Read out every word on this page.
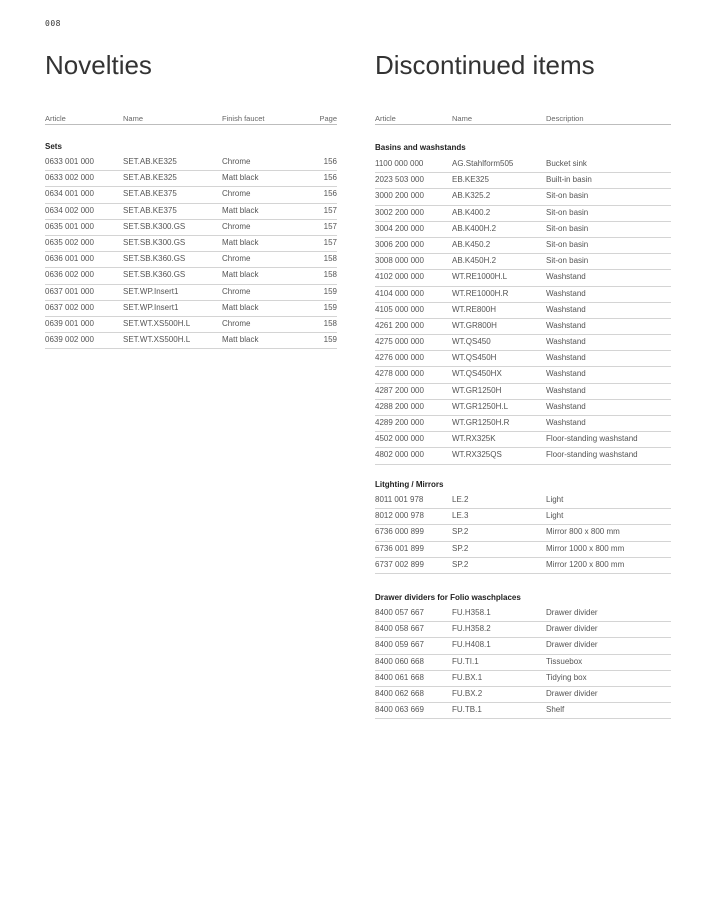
008
Novelties
Article	Name	Finish faucet	Page
Sets
0633 001 000	SET.AB.KE325	Chrome	156
0633 002 000	SET.AB.KE325	Matt black	156
0634 001 000	SET.AB.KE375	Chrome	156
0634 002 000	SET.AB.KE375	Matt black	157
0635 001 000	SET.SB.K300.GS	Chrome	157
0635 002 000	SET.SB.K300.GS	Matt black	157
0636 001 000	SET.SB.K360.GS	Chrome	158
0636 002 000	SET.SB.K360.GS	Matt black	158
0637 001 000	SET.WP.Insert1	Chrome	159
0637 002 000	SET.WP.Insert1	Matt black	159
0639 001 000	SET.WT.XS500H.L	Chrome	158
0639 002 000	SET.WT.XS500H.L	Matt black	159
Discontinued items
Article	Name	Description
Basins and washstands
1100 000 000	AG.Stahlform505	Bucket sink
2023 503 000	EB.KE325	Built-in basin
3000 200 000	AB.K325.2	Sit-on basin
3002 200 000	AB.K400.2	Sit-on basin
3004 200 000	AB.K400H.2	Sit-on basin
3006 200 000	AB.K450.2	Sit-on basin
3008 000 000	AB.K450H.2	Sit-on basin
4102 000 000	WT.RE1000H.L	Washstand
4104 000 000	WT.RE1000H.R	Washstand
4105 000 000	WT.RE800H	Washstand
4261 200 000	WT.GR800H	Washstand
4275 000 000	WT.QS450	Washstand
4276 000 000	WT.QS450H	Washstand
4278 000 000	WT.QS450HX	Washstand
4287 200 000	WT.GR1250H	Washstand
4288 200 000	WT.GR1250H.L	Washstand
4289 200 000	WT.GR1250H.R	Washstand
4502 000 000	WT.RX325K	Floor-standing washstand
4802 000 000	WT.RX325QS	Floor-standing washstand
Litghting / Mirrors
8011 001 978	LE.2	Light
8012 000 978	LE.3	Light
6736 000 899	SP.2	Mirror 800 x 800 mm
6736 001 899	SP.2	Mirror 1000 x 800 mm
6737 002 899	SP.2	Mirror 1200 x 800 mm
Drawer dividers for Folio waschplaces
8400 057 667	FU.H358.1	Drawer divider
8400 058 667	FU.H358.2	Drawer divider
8400 059 667	FU.H408.1	Drawer divider
8400 060 668	FU.TI.1	Tissuebox
8400 061 668	FU.BX.1	Tidying box
8400 062 668	FU.BX.2	Drawer divider
8400 063 669	FU.TB.1	Shelf
